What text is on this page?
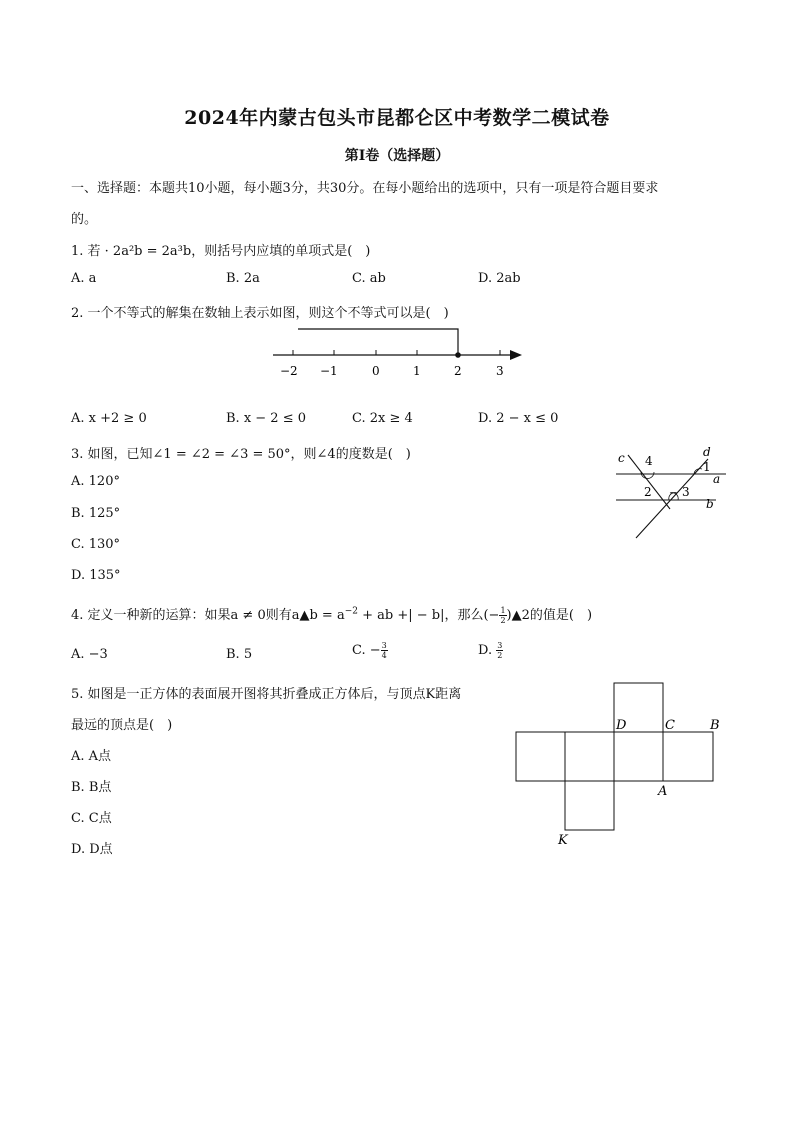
2024年内蒙古包头市昆都仑区中考数学二模试卷
第Ⅰ卷（选择题）
一、选择题：本题共10小题，每小题3分，共30分。在每小题给出的选项中，只有一项是符合题目要求
的。
1. 若 · 2a²b = 2a³b，则括号内应填的单项式是(　)
A. a	B. 2a	C. ab	D. 2ab
2. 一个不等式的解集在数轴上表示如图，则这个不等式可以是(　)
−2 −1	0	1	2	3
A. x +2 ≥ 0	B. x − 2 ≤ 0	C. 2x ≥ 4	D. 2 − x ≤ 0
3. 如图，已知∠1 = ∠2 = ∠3 = 50°，则∠4的度数是(　)	c 4
d
1
a
2	3
b
A. 120°
B. 125°
C. 130°
D. 135°
4. 定义一种新的运算：如果a ≠ 0则有a▲b = $a^{-2}$ + ab +| − b|，那么(− $\frac{1}{2}$ )▲2的值是(　)
A. −3	B. 5	C. − $\frac{3}{4}$	D. $\frac{3}{2}$
5. 如图是一正方体的表面展开图将其折叠成正方体后，与顶点K距离
最远的顶点是(　)	D	C	B
A
K
A. A点
B. B点
C. C点
D. D点
